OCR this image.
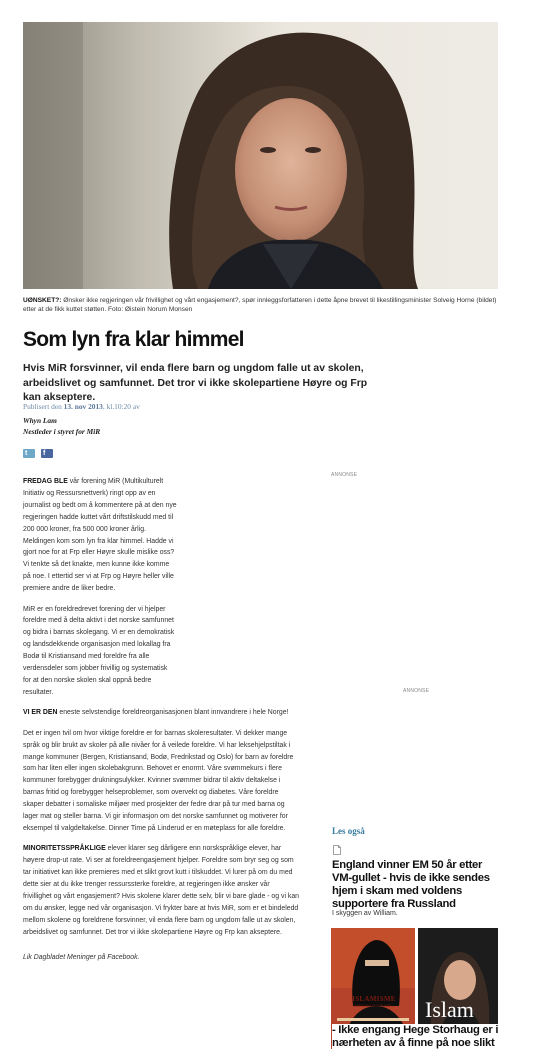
UØNSKET?: Ønsker ikke regjeringen vår frivillighet og vårt engasjement?, spør innleggsforfatteren i dette åpne brevet til likestillingsminister Solveig Horne (bildet) etter at de fikk kuttet støtten. Foto: Øistein Norum Monsen
Som lyn fra klar himmel
Hvis MiR forsvinner, vil enda flere barn og ungdom falle ut av skolen, arbeidslivet og samfunnet. Det tror vi ikke skolepartiene Høyre og Frp kan akseptere.
Publisert den 13. nov 2013, kl.10:20 av
Whyn Lam
Nestleder i styret for MiR
t f
ANNONSE
ANNONSE

FREDAG BLE vår forening MiR (Multikulturelt Initiativ og Ressursnettverk) ringt opp av en journalist og bedt om å kommentere på at den nye regjeringen hadde kuttet vårt driftstilskudd med til 200 000 kroner, fra 500 000 kroner årlig. Meldingen kom som lyn fra klar himmel. Hadde vi gjort noe for at Frp eller Høyre skulle mislike oss? Vi tenkte så det knakte, men kunne ikke komme på noe. I ettertid ser vi at Frp og Høyre heller ville premiere andre de liker bedre.

MiR er en foreldredrevet forening der vi hjelper foreldre med å delta aktivt i det norske samfunnet og bidra i barnas skolegang. Vi er en demokratisk og landsdekkende organisasjon med lokallag fra Bodø til Kristiansand med foreldre fra alle verdensdeler som jobber frivillig og systematisk for at den norske skolen skal oppnå bedre resultater.

VI ER DEN eneste selvstendige foreldreorganisasjonen blant innvandrere i hele Norge!

Det er ingen tvil om hvor viktige foreldre er for barnas skoleresultater. Vi dekker mange språk og blir brukt av skoler på alle nivåer for å veilede foreldre. Vi har leksehjelpstiltak i mange kommuner (Bergen, Kristiansand, Bodø, Fredrikstad og Oslo) for barn av foreldre som har liten eller ingen skolebakgrunn. Behovet er enormt. Våre svømmekurs i flere kommuner forebygger drukningsulykker. Kvinner svømmer bidrar til aktiv deltakelse i barnas fritid og forebygger helseproblemer, som overvekt og diabetes. Våre foreldre skaper debatter i somaliske miljøer med prosjekter der fedre drar på tur med barna og lager mat og steller barna. Vi gir informasjon om det norske samfunnet og motiverer for eksempel til valgdeltakelse. Dinner Time på Linderud er en møteplass for alle foreldre.

MINORITETSSPRÅKLIGE elever klarer seg dårligere enn norskspråklige elever, har høyere drop-ut rate. Vi ser at foreldreengasjement hjelper. Foreldre som bryr seg og som tar initiativet kan ikke premieres med et slikt grovt kutt i tilskuddet. Vi lurer på om du med dette sier at du ikke trenger ressurssterke foreldre, at regjeringen ikke ønsker vår frivillighet og vårt engasjement? Hvis skolene klarer dette selv, blir vi bare glade - og vi kan om du ønsker, legge ned vår organisasjon. Vi frykter bare at hvis MiR, som er et bindeledd mellom skolene og foreldrene forsvinner, vil enda flere barn og ungdom falle ut av skolen, arbeidslivet og samfunnet. Det tror vi ikke skolepartiene Høyre og Frp kan akseptere.

Lik Dagbladet Meninger på Facebook.

Les også
England vinner EM 50 år etter VM-gullet - hvis de ikke sendes hjem i skam med voldens supportere fra Russland
I skyggen av William.
ISLAMISME
IDEOLOGI OG TRUSSEL	Islam
- Ikke engang Hege Storhaug er i nærheten av å finne på noe slikt
